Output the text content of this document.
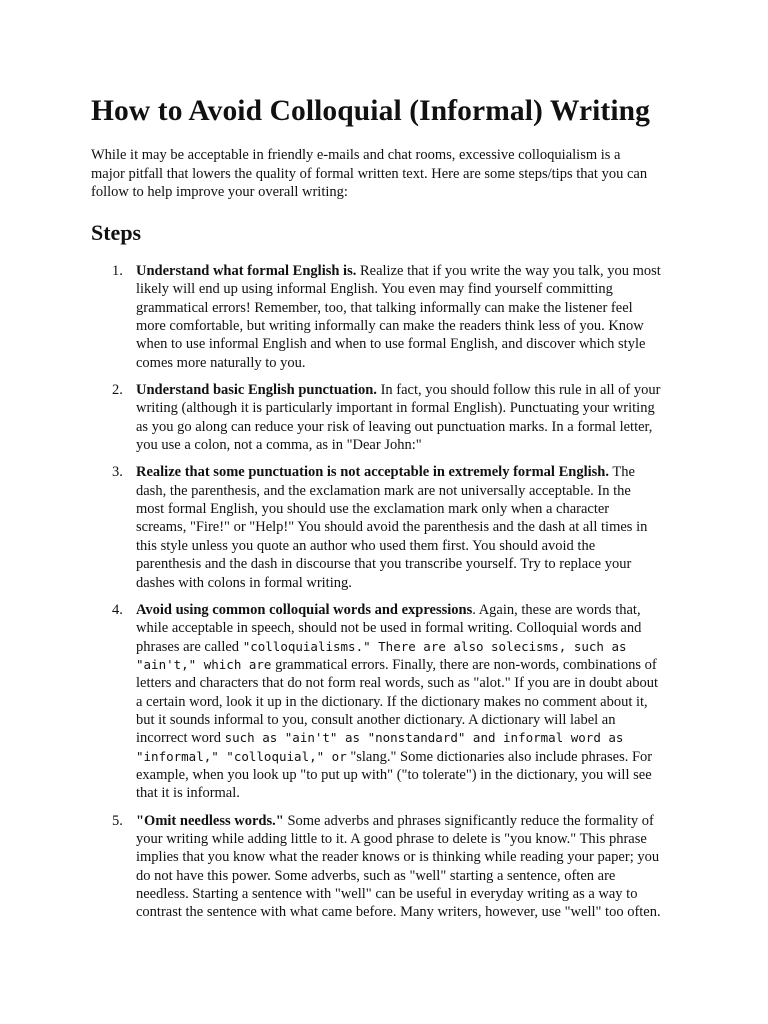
How to Avoid Colloquial (Informal) Writing

While it may be acceptable in friendly e-mails and chat rooms, excessive colloquialism is a major pitfall that lowers the quality of formal written text. Here are some steps/tips that you can follow to help improve your overall writing:

Steps
1. Understand what formal English is. Realize that if you write the way you talk, you most likely will end up using informal English. You even may find yourself committing grammatical errors! Remember, too, that talking informally can make the listener feel more comfortable, but writing informally can make the readers think less of you. Know when to use informal English and when to use formal English, and discover which style comes more naturally to you.
2. Understand basic English punctuation. In fact, you should follow this rule in all of your writing (although it is particularly important in formal English). Punctuating your writing as you go along can reduce your risk of leaving out punctuation marks. In a formal letter, you use a colon, not a comma, as in "Dear John:"
3. Realize that some punctuation is not acceptable in extremely formal English. The dash, the parenthesis, and the exclamation mark are not universally acceptable. In the most formal English, you should use the exclamation mark only when a character screams, "Fire!" or "Help!" You should avoid the parenthesis and the dash at all times in this style unless you quote an author who used them first. You should avoid the parenthesis and the dash in discourse that you transcribe yourself. Try to replace your dashes with colons in formal writing.
4. Avoid using common colloquial words and expressions. Again, these are words that, while acceptable in speech, should not be used in formal writing. Colloquial words and phrases are called "colloquialisms." There are also solecisms, such as "ain't," which are grammatical errors. Finally, there are non-words, combinations of letters and characters that do not form real words, such as "alot." If you are in doubt about a certain word, look it up in the dictionary. If the dictionary makes no comment about it, but it sounds informal to you, consult another dictionary. A dictionary will label an incorrect word such as "ain't" as "nonstandard" and informal word as "informal," "colloquial," or "slang." Some dictionaries also include phrases. For example, when you look up "to put up with" ("to tolerate") in the dictionary, you will see that it is informal.
5. "Omit needless words." Some adverbs and phrases significantly reduce the formality of your writing while adding little to it. A good phrase to delete is "you know." This phrase implies that you know what the reader knows or is thinking while reading your paper; you do not have this power. Some adverbs, such as "well" starting a sentence, often are needless. Starting a sentence with "well" can be useful in everyday writing as a way to contrast the sentence with what came before. Many writers, however, use "well" too often.
